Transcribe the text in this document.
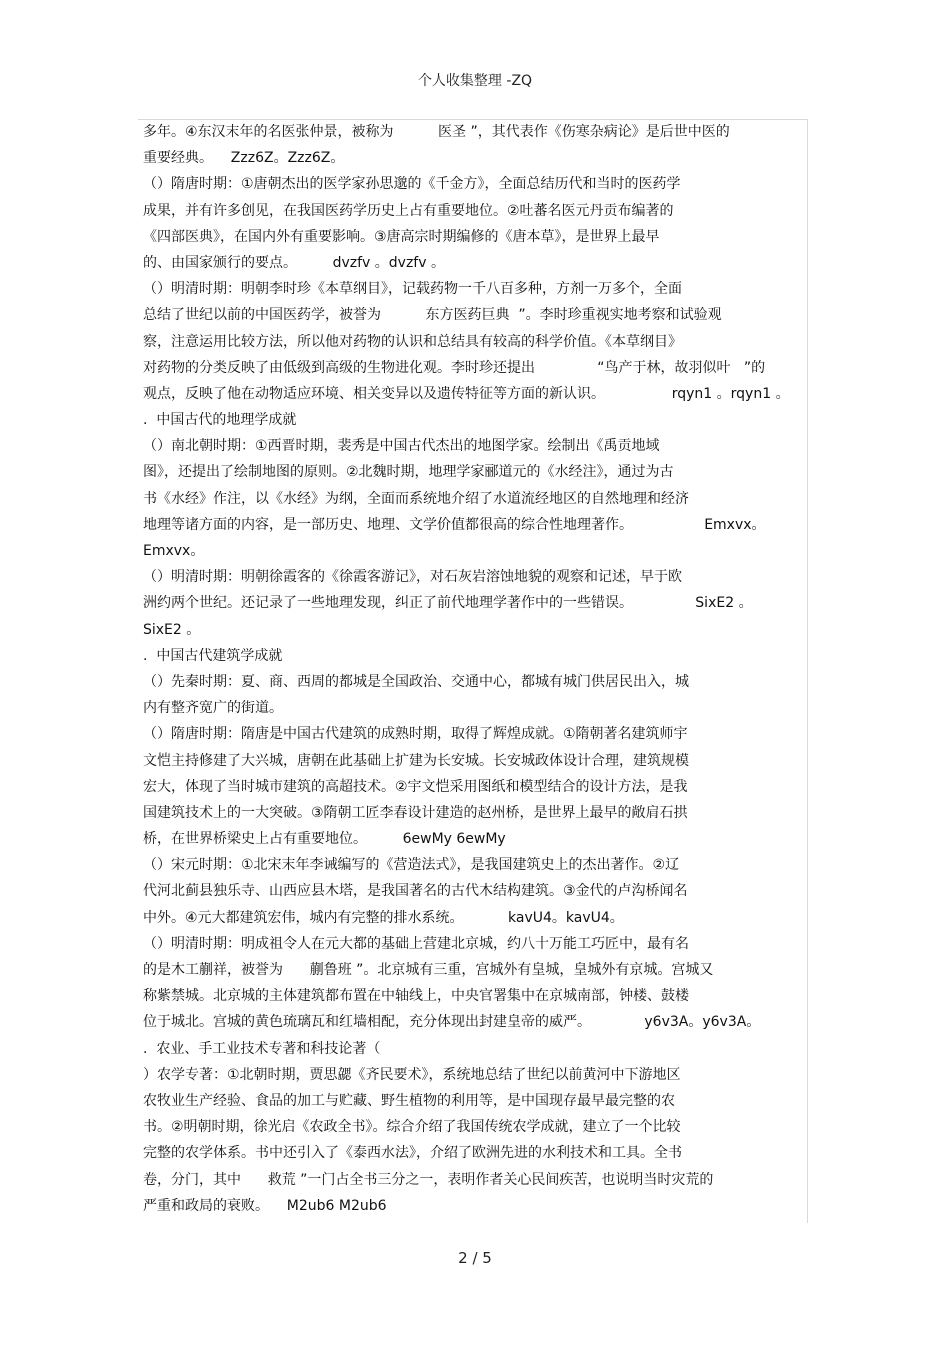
个人收集整理 -ZQ
多年。④东汉末年的名医张仲景，被称为          医圣 ”，其代表作《伤寒杂病论》是后世中医的
重要经典。    Zzz6Z。Zzz6Z。
（）隋唐时期：①唐朝杰出的医学家孙思邈的《千金方》，全面总结历代和当时的医药学
成果，并有许多创见，在我国医药学历史上占有重要地位。②吐蕃名医元丹贡布编著的
《四部医典》，在国内外有重要影响。③唐高宗时期编修的《唐本草》，是世界上最早
的、由国家颁行的要点。        dvzfv 。dvzfv 。
（）明清时期：明朝李时珍《本草纲目》，记载药物一千八百多种，方剂一万多个，全面
总结了世纪以前的中国医药学，被誉为          东方医药巨典  ”。李时珍重视实地考察和试验观
察，注意运用比较方法，所以他对药物的认识和总结具有较高的科学价值。《本草纲目》
对药物的分类反映了由低级到高级的生物进化观。李时珍还提出              “鸟产于林，故羽似叶   ”的
观点，反映了他在动物适应环境、相关变异以及遗传特征等方面的新认识。               rqyn1 。rqyn1 。
.  中国古代的地理学成就
（）南北朝时期：①西晋时期，裴秀是中国古代杰出的地图学家。绘制出《禹贡地域
图》，还提出了绘制地图的原则。②北魏时期，地理学家郦道元的《水经注》，通过为古
书《水经》作注，以《水经》为纲，全面而系统地介绍了水道流经地区的自然地理和经济
地理等诸方面的内容，是一部历史、地理、文学价值都很高的综合性地理著作。                Emxvx。
Emxvx。
（）明清时期：明朝徐霞客的《徐霞客游记》，对石灰岩溶蚀地貌的观察和记述，早于欧
洲约两个世纪。还记录了一些地理发现，纠正了前代地理学著作中的一些错误。              SixE2 。
SixE2 。
.  中国古代建筑学成就
（）先秦时期：夏、商、西周的都城是全国政治、交通中心，都城有城门供居民出入，城
内有整齐宽广的街道。
（）隋唐时期：隋唐是中国古代建筑的成熟时期，取得了辉煌成就。①隋朝著名建筑师宇
文恺主持修建了大兴城，唐朝在此基础上扩建为长安城。长安城政体设计合理，建筑规模
宏大，体现了当时城市建筑的高超技术。②宇文恺采用图纸和模型结合的设计方法，是我
国建筑技术上的一大突破。③隋朝工匠李春设计建造的赵州桥，是世界上最早的敞肩石拱
桥，在世界桥梁史上占有重要地位。        6ewMy 6ewMy
（）宋元时期：①北宋末年李诫编写的《营造法式》，是我国建筑史上的杰出著作。②辽
代河北蓟县独乐寺、山西应县木塔，是我国著名的古代木结构建筑。③金代的卢沟桥闻名
中外。④元大都建筑宏伟，城内有完整的排水系统。          kavU4。kavU4。
（）明清时期：明成祖令人在元大都的基础上营建北京城，约八十万能工巧匠中，最有名
的是木工蒯祥，被誉为      蒯鲁班 ”。北京城有三重，宫城外有皇城，皇城外有京城。宫城又
称紫禁城。北京城的主体建筑都布置在中轴线上，中央官署集中在京城南部，钟楼、鼓楼
位于城北。宫城的黄色琉璃瓦和红墙相配，充分体现出封建皇帝的威严。            y6v3A。y6v3A。
.  农业、手工业技术专著和科技论著（
）农学专著：①北朝时期，贾思勰《齐民要术》，系统地总结了世纪以前黄河中下游地区
农牧业生产经验、食品的加工与贮藏、野生植物的利用等，是中国现存最早最完整的农
书。②明朝时期，徐光启《农政全书》。综合介绍了我国传统农学成就，建立了一个比较
完整的农学体系。书中还引入了《泰西水法》，介绍了欧洲先进的水利技术和工具。全书
卷，分门，其中      救荒 ”一门占全书三分之一，表明作者关心民间疾苦，也说明当时灾荒的
严重和政局的衰败。    M2ub6 M2ub6
2 / 5
